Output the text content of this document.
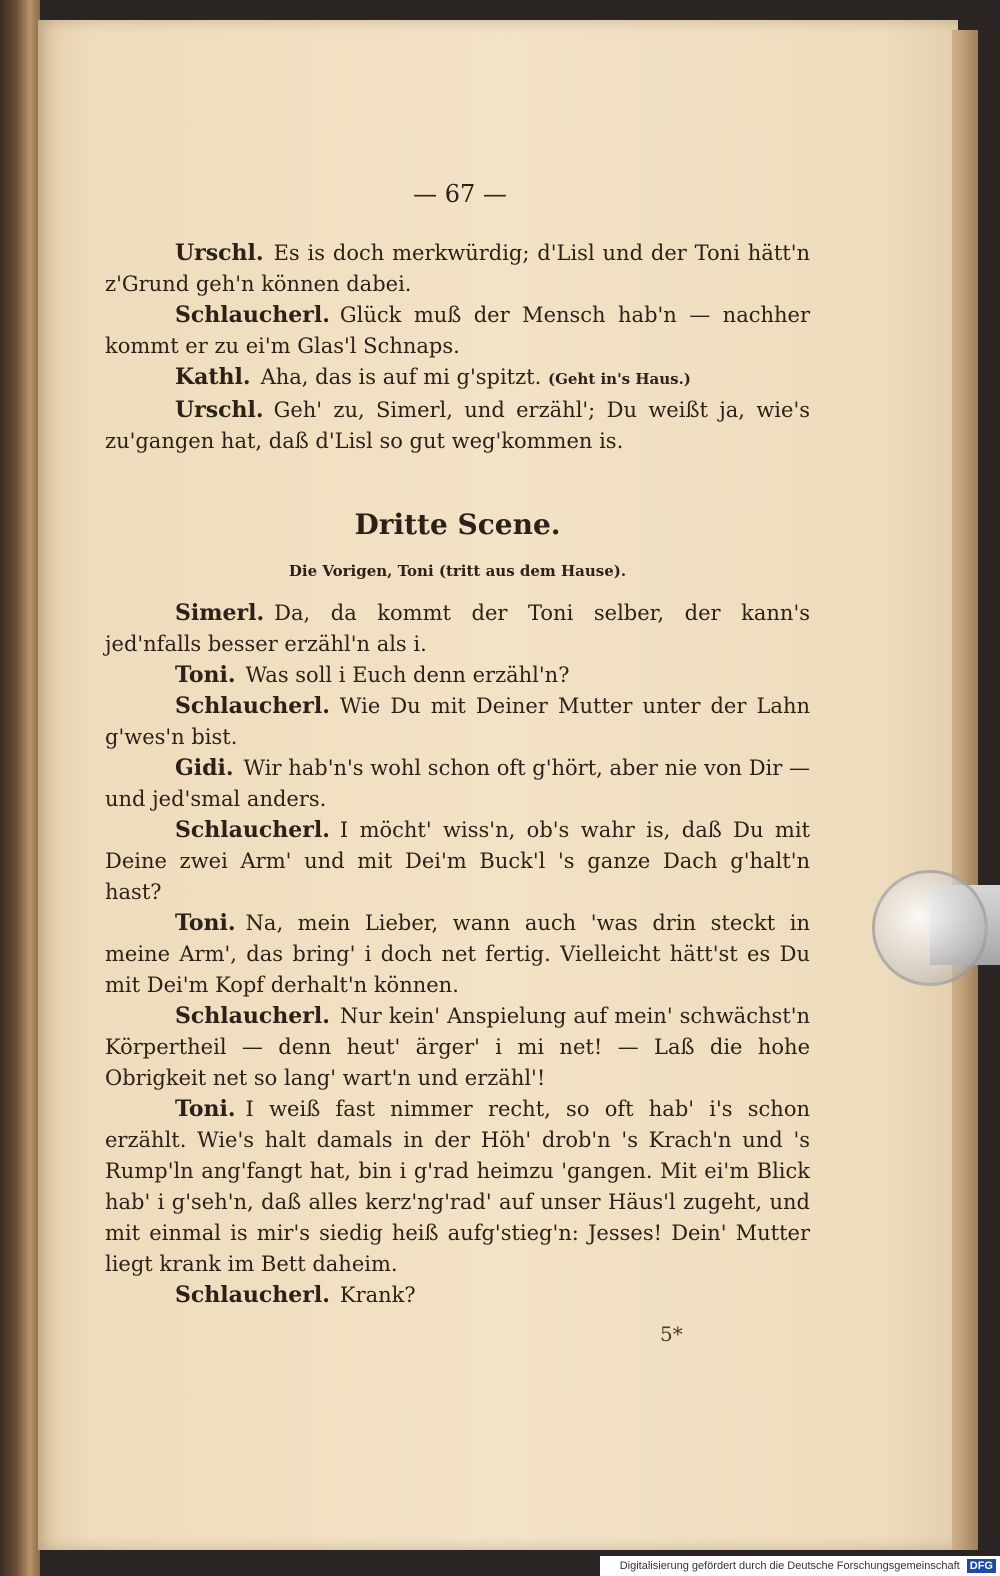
— 67 —

Urschl. Es is doch merkwürdig; d'Lisl und der Toni hätt'n z'Grund geh'n können dabei.

Schlaucherl. Glück muß der Mensch hab'n — nachher kommt er zu ei'm Glas'l Schnaps.

Kathl. Aha, das is auf mi g'spitzt. (Geht in's Haus.)

Urschl. Geh' zu, Simerl, und erzähl'; Du weißt ja, wie's zu'gangen hat, daß d'Lisl so gut weg'kommen is.

Dritte Scene.
Die Vorigen, Toni (tritt aus dem Hause).

Simerl. Da, da kommt der Toni selber, der kann's jed'nfalls besser erzähl'n als i.

Toni. Was soll i Euch denn erzähl'n?

Schlaucherl. Wie Du mit Deiner Mutter unter der Lahn g'wes'n bist.

Gidi. Wir hab'n's wohl schon oft g'hört, aber nie von Dir — und jed'smal anders.

Schlaucherl. I möcht' wiss'n, ob's wahr is, daß Du mit Deine zwei Arm' und mit Dei'm Buck'l 's ganze Dach g'halt'n hast?

Toni. Na, mein Lieber, wann auch 'was drin steckt in meine Arm', das bring' i doch net fertig. Vielleicht hätt'st es Du mit Dei'm Kopf derhalt'n können.

Schlaucherl. Nur kein' Anspielung auf mein' schwächst'n Körpertheil — denn heut' ärger' i mi net! — Laß die hohe Obrigkeit net so lang' wart'n und erzähl'!

Toni. I weiß fast nimmer recht, so oft hab' i's schon erzählt. Wie's halt damals in der Höh' drob'n 's Krach'n und 's Rump'ln ang'fangt hat, bin i g'rad heimzu 'gangen. Mit ei'm Blick hab' i g'seh'n, daß alles kerz'ng'rad' auf unser Häus'l zugeht, und mit einmal is mir's siedig heiß aufg'stieg'n: Jesses! Dein' Mutter liegt krank im Bett daheim.

Schlaucherl. Krank?

5*
Digitalisierung gefördert durch die Deutsche Forschungsgemeinschaft DFG
